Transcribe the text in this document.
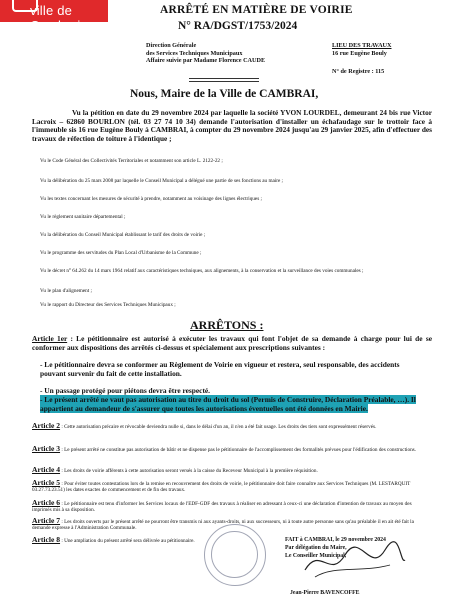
ville de Cambrai
ARRÊTÉ EN MATIÈRE DE VOIRIE
N° RA/DGST/1753/2024
Direction Générale
des Services Techniques Municipaux
Affaire suivie par Madame Florence CAUDE
LIEU DES TRAVAUX
16 rue Eugène Bouly
N° de Registre : 115
Nous, Maire de la Ville de CAMBRAI,
Vu la pétition en date du 29 novembre 2024 par laquelle la société YVON LOURDEL, demeurant 24 bis rue Victor Lacroix – 62860 BOURLON (tél. 03 27 74 10 34) demande l'autorisation d'installer un échafaudage sur le trottoir face à l'immeuble sis 16 rue Eugène Bouly à CAMBRAI, à compter du 29 novembre 2024 jusqu'au 29 janvier 2025, afin d'effectuer des travaux de réfection de toiture à l'identique ;
Vu le Code Général des Collectivités Territoriales et notamment son article L. 2122-22 ;
Vu la délibération du 25 mars 2008 par laquelle le Conseil Municipal a délégué une partie de ses fonctions au maire ;
Vu les textes concernant les mesures de sécurité à prendre, notamment au voisinage des lignes électriques ;
Vu le règlement sanitaire départemental ;
Vu la délibération du Conseil Municipal établissant le tarif des droits de voirie ;
Vu le programme des servitudes du Plan Local d'Urbanisme de la Commune ;
Vu le décret n° 64.262 du 14 mars 1964 relatif aux caractéristiques techniques, aux alignements, à la conservation et la surveillance des voies communales ;
Vu le plan d'alignement ;
Vu le rapport du Directeur des Services Techniques Municipaux ;
ARRÊTONS :
Article 1er : Le pétitionnaire est autorisé à exécuter les travaux qui font l'objet de sa demande à charge pour lui de se conformer aux dispositions des arrêtés ci-dessus et spécialement aux prescriptions suivantes :
- Le pétitionnaire devra se conformer au Règlement de Voirie en vigueur et restera, seul responsable, des accidents pouvant survenir du fait de cette installation.
- Un passage protégé pour piétons devra être respecté.
- Le présent arrêté ne vaut pas autorisation au titre du droit du sol (Permis de Construire, Déclaration Préalable, …). Il appartient au demandeur de s'assurer que toutes les autorisations éventuelles ont été données en Mairie.
Article 2 : Cette autorisation précaire et révocable deviendra nulle si, dans le délai d'un an, il n'en a été fait usage. Les droits des tiers sont expressément réservés.
Article 3 : Le présent arrêté ne constitue pas autorisation de bâtir et ne dispense pas le pétitionnaire de l'accomplissement des formalités prévues pour l'édification des constructions.
Article 4 : Les droits de voirie afférents à cette autorisation seront versés à la caisse du Receveur Municipal à la première réquisition.
Article 5 : Pour éviter toutes contestations lors de la remise en recouvrement des droits de voirie, le pétitionnaire doit faire connaître aux Services Techniques (M. LESTARQUIT 03.27.73.23.51) les dates exactes de commencement et de fin des travaux.
Article 6 : Le pétitionnaire est tenu d'informer les Services locaux de l'EDF-GDF des travaux à réaliser en adressant à ceux-ci une déclaration d'intention de travaux au moyen des imprimés mis à sa disposition.
Article 7 : Les droits ouverts par le présent arrêté ne pourront être transmis ni aux ayants-droits, ni aux successeurs, ni à toute autre personne sans qu'au préalable il en ait été fait la demande expresse à l'Administration Communale.
Article 8 : Une ampliation du présent arrêté sera délivrée au pétitionnaire.	FAIT à CAMBRAI, le 29 novembre 2024
Par délégation du Maire,
Le Conseiller Municipal,
Jean-Pierre BAVENCOFFE
